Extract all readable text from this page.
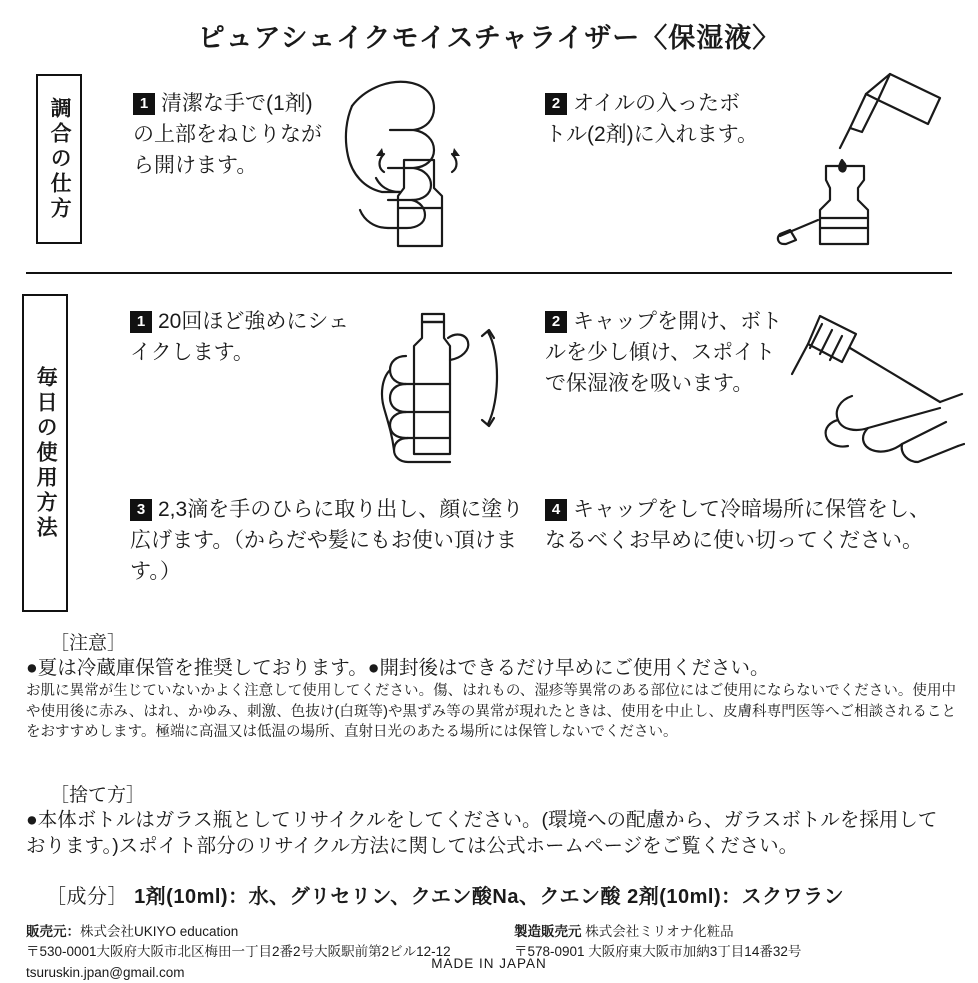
ピュアシェイクモイスチャライザー〈保湿液〉
調合の仕方	1 清潔な手で(1剤)の上部をねじりながら開けます。
2 オイルの入ったボトル(2剤)に入れます。
毎日の使用方法
1 20回ほど強めにシェイクします。
2 キャップを開け、ボトルを少し傾け、スポイトで保湿液を吸います。
3 2,3滴を手のひらに取り出し、顔に塗り広げます。（からだや髪にもお使い頂けます。）
4 キャップをして冷暗場所に保管をし、なるべくお早めに使い切ってください。
［注意］
●夏は冷蔵庫保管を推奨しております。●開封後はできるだけ早めにご使用ください。
お肌に異常が生じていないかよく注意して使用してください。傷、はれもの、湿疹等異常のある部位にはご使用にならないでください。使用中や使用後に赤み、はれ、かゆみ、刺激、色抜け(白斑等)や黒ずみ等の異常が現れたときは、使用を中止し、皮膚科専門医等へご相談されることをおすすめします。極端に高温又は低温の場所、直射日光のあたる場所には保管しないでください。
［捨て方］
●本体ボトルはガラス瓶としてリサイクルをしてください。(環境への配慮から、ガラスボトルを採用しております。)スポイト部分のリサイクル方法に関しては公式ホームページをご覧ください。
［成分］ 1剤(10ml)：水、グリセリン、クエン酸Na、クエン酸 2剤(10ml)：スクワラン
販売元：株式会社UKIYO education
〒530-0001大阪府大阪市北区梅田一丁目2番2号大阪駅前第2ビル12-12
tsuruskin.jpan@gmail.com
製造販売元 株式会社ミリオナ化粧品
〒578-0901 大阪府東大阪市加納3丁目14番32号
MADE IN JAPAN
